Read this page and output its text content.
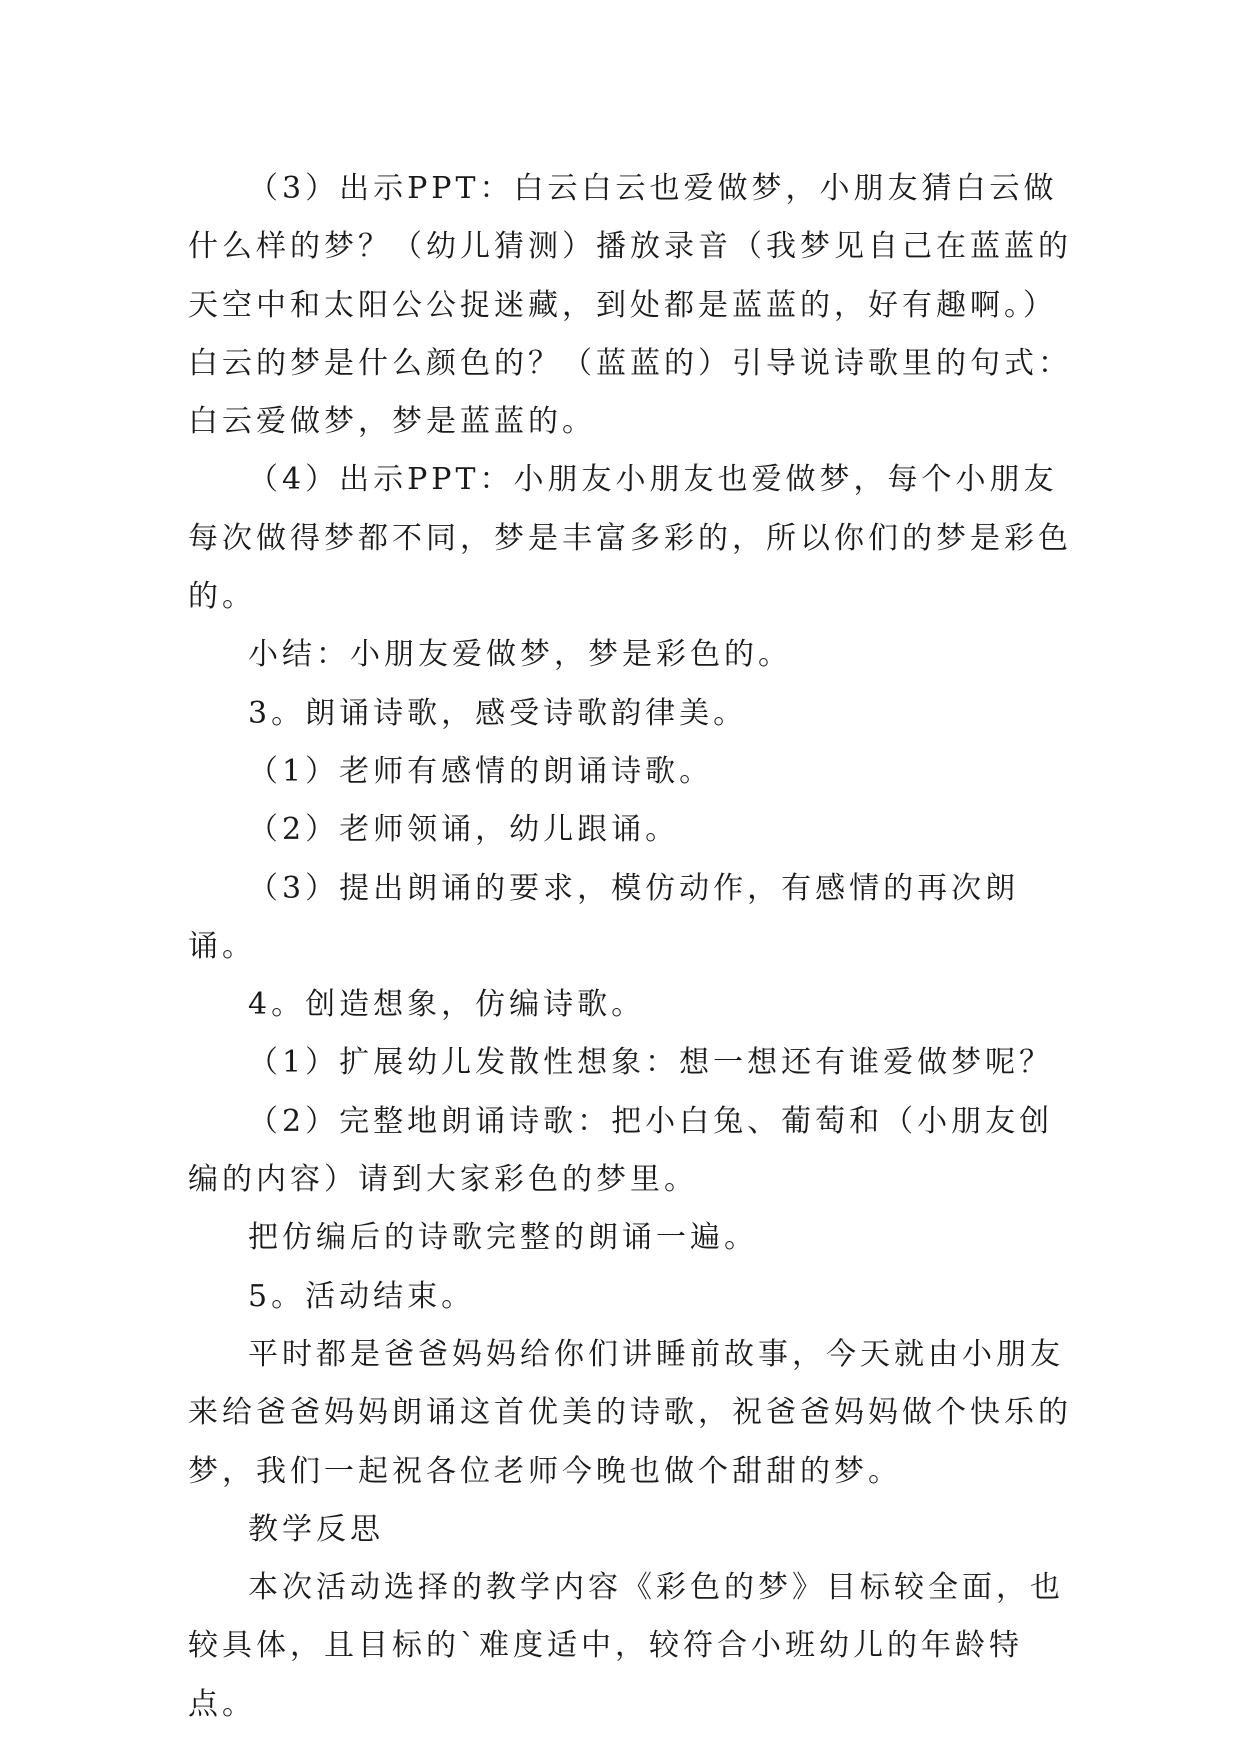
（3）出示PPT：白云白云也爱做梦，小朋友猜白云做什么样的梦？（幼儿猜测）播放录音（我梦见自己在蓝蓝的天空中和太阳公公捉迷藏，到处都是蓝蓝的，好有趣啊。）白云的梦是什么颜色的？（蓝蓝的）引导说诗歌里的句式：白云爱做梦，梦是蓝蓝的。

（4）出示PPT：小朋友小朋友也爱做梦，每个小朋友每次做得梦都不同，梦是丰富多彩的，所以你们的梦是彩色的。

小结：小朋友爱做梦，梦是彩色的。

3。朗诵诗歌，感受诗歌韵律美。

（1）老师有感情的朗诵诗歌。

（2）老师领诵，幼儿跟诵。

（3）提出朗诵的要求，模仿动作，有感情的再次朗诵。

4。创造想象，仿编诗歌。

（1）扩展幼儿发散性想象：想一想还有谁爱做梦呢？

（2）完整地朗诵诗歌：把小白兔、葡萄和（小朋友创编的内容）请到大家彩色的梦里。

把仿编后的诗歌完整的朗诵一遍。

5。活动结束。

平时都是爸爸妈妈给你们讲睡前故事，今天就由小朋友来给爸爸妈妈朗诵这首优美的诗歌，祝爸爸妈妈做个快乐的梦，我们一起祝各位老师今晚也做个甜甜的梦。

教学反思

本次活动选择的教学内容《彩色的梦》目标较全面，也较具体，且目标的`难度适中，较符合小班幼儿的年龄特点。
